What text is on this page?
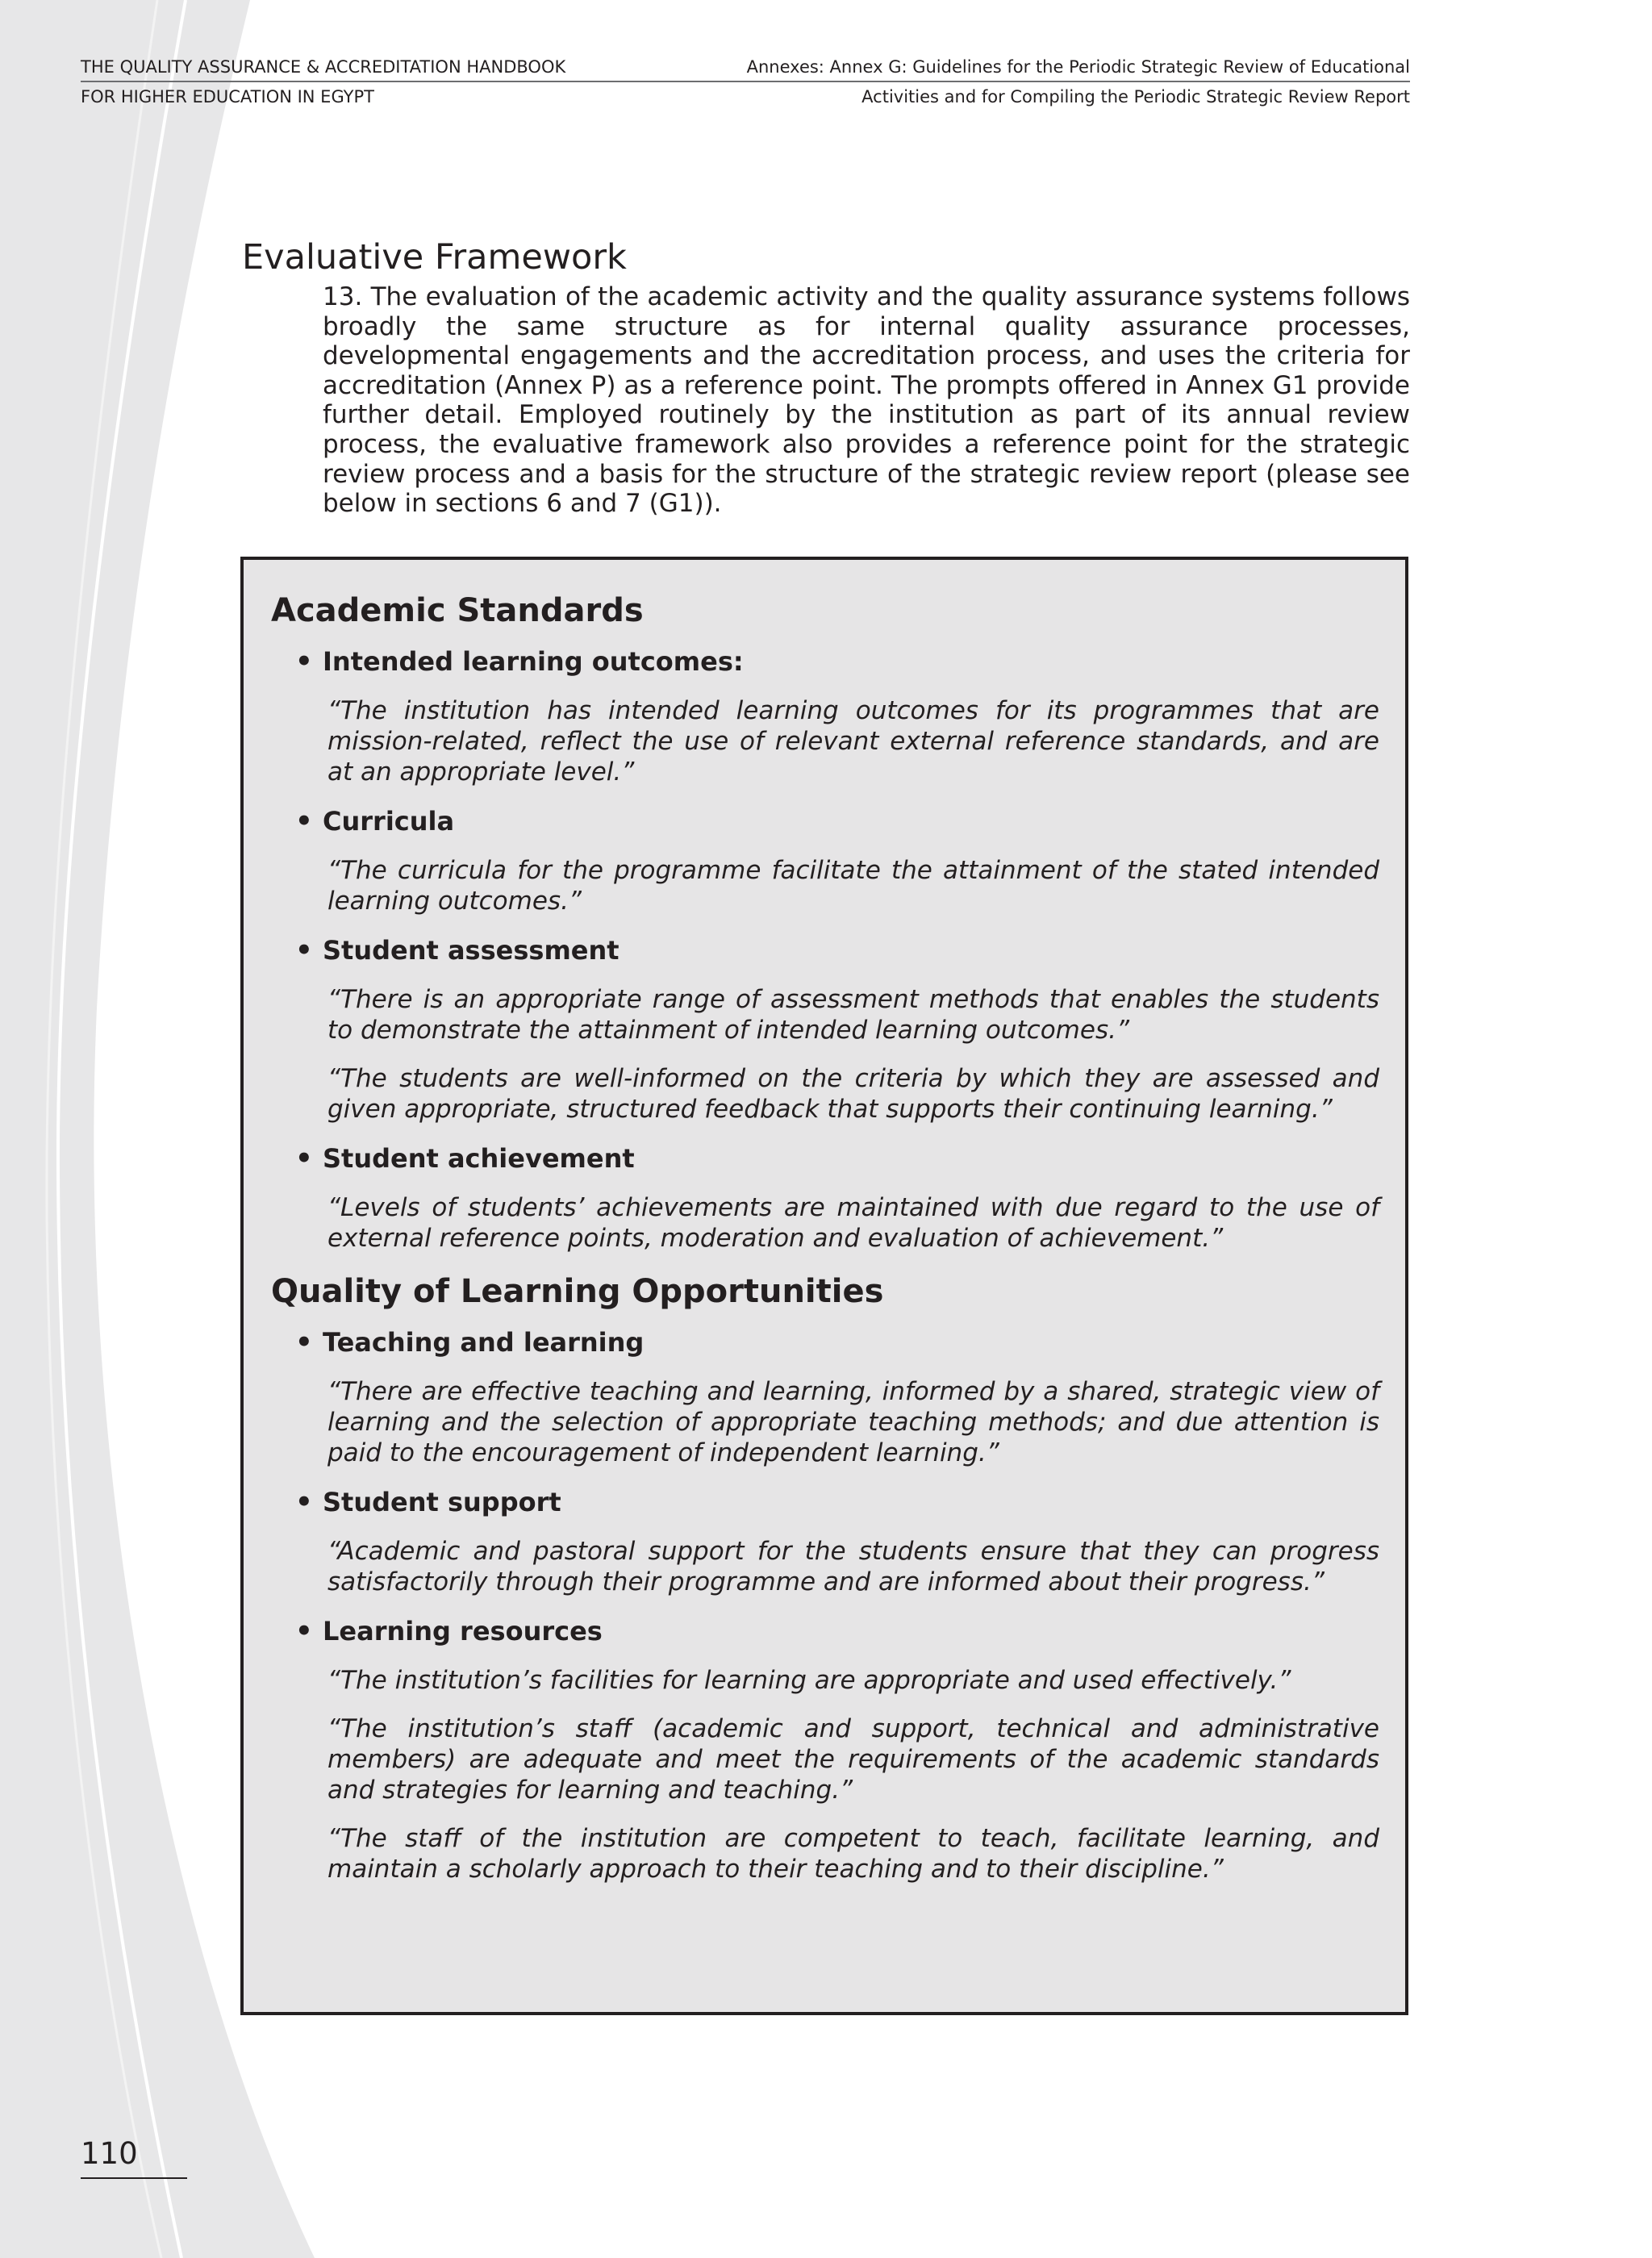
THE QUALITY ASSURANCE & ACCREDITATION HANDBOOK
FOR HIGHER EDUCATION IN EGYPT
Annexes: Annex G: Guidelines for the Periodic Strategic Review of Educational
Activities and for Compiling the Periodic Strategic Review Report
Evaluative Framework

13. The evaluation of the academic activity and the quality assurance systems follows broadly the same structure as for internal quality assurance processes, developmental engagements and the accreditation process, and uses the criteria for accreditation (Annex P) as a reference point. The prompts offered in Annex G1 provide further detail. Employed routinely by the institution as part of its annual review process, the evaluative framework also provides a reference point for the strategic review process and a basis for the structure of the strategic review report (please see below in sections 6 and 7 (G1)).

Academic Standards
• Intended learning outcomes:

“The institution has intended learning outcomes for its programmes that are mission-related, reflect the use of relevant external reference standards, and are at an appropriate level.”

• Curricula

“The curricula for the programme facilitate the attainment of the stated intended learning outcomes.”

• Student assessment

“There is an appropriate range of assessment methods that enables the students to demonstrate the attainment of intended learning outcomes.”

“The students are well-informed on the criteria by which they are assessed and given appropriate, structured feedback that supports their continuing learning.”

• Student achievement

“Levels of students’ achievements are maintained with due regard to the use of external reference points, moderation and evaluation of achievement.”

Quality of Learning Opportunities
• Teaching and learning

“There are effective teaching and learning, informed by a shared, strategic view of learning and the selection of appropriate teaching methods; and due attention is paid to the encouragement of independent learning.”

• Student support

“Academic and pastoral support for the students ensure that they can progress satisfactorily through their programme and are informed about their progress.”

• Learning resources

“The institution’s facilities for learning are appropriate and used effectively.”

“The institution’s staff (academic and support, technical and administrative members) are adequate and meet the requirements of the academic standards and strategies for learning and teaching.”

“The staff of the institution are competent to teach, facilitate learning, and maintain a scholarly approach to their teaching and to their discipline.”

110
